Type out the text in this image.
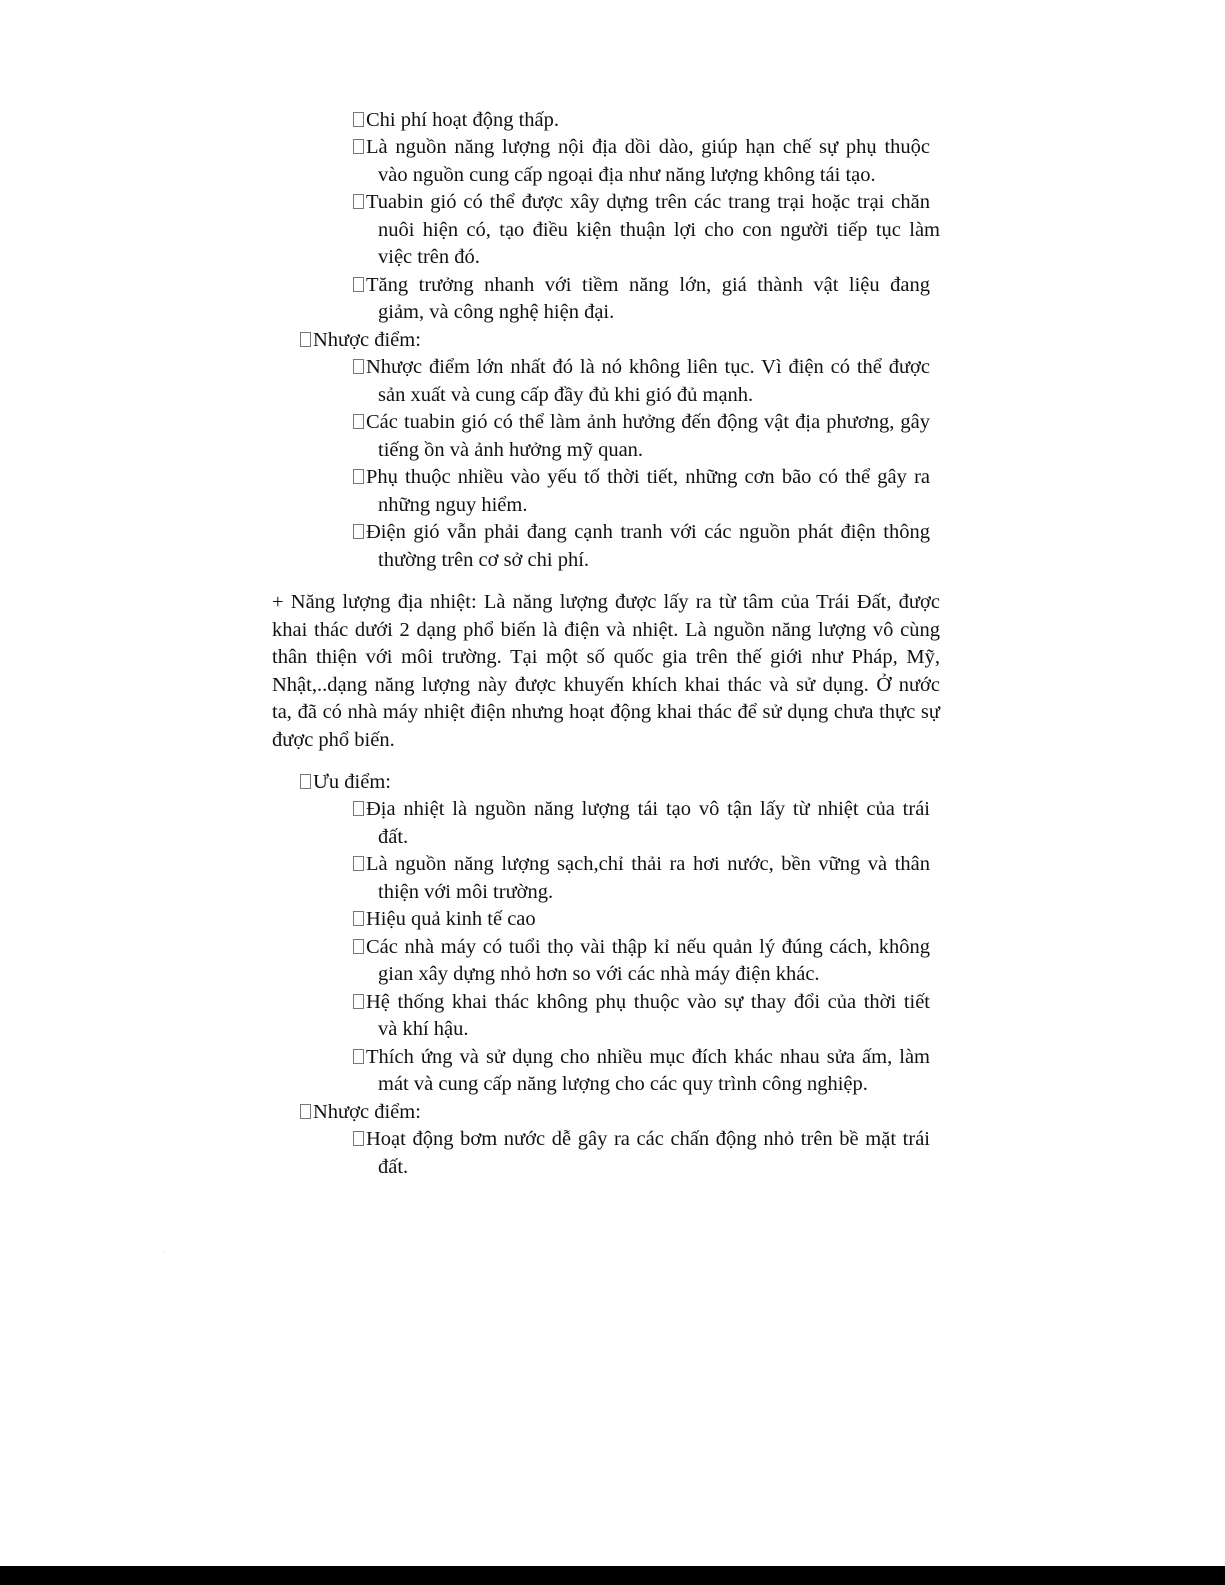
Chi phí hoạt động thấp.
Là nguồn năng lượng nội địa dồi dào, giúp hạn chế sự phụ thuộc
vào nguồn cung cấp ngoại địa như năng lượng không tái tạo.
Tuabin gió có thể được xây dựng trên các trang trại hoặc trại chăn
nuôi hiện có, tạo điều kiện thuận lợi cho con người tiếp tục làm
việc trên đó.
Tăng trưởng nhanh với tiềm năng lớn, giá thành vật liệu đang
giảm, và công nghệ hiện đại.
Nhược điểm:
Nhược điểm lớn nhất đó là nó không liên tục. Vì điện có thể được
sản xuất và cung cấp đầy đủ khi gió đủ mạnh.
Các tuabin gió có thể làm ảnh hưởng đến động vật địa phương, gây
tiếng ồn và ảnh hưởng mỹ quan.
Phụ thuộc nhiều vào yếu tố thời tiết, những cơn bão có thể gây ra
những nguy hiểm.
Điện gió vẫn phải đang cạnh tranh với các nguồn phát điện thông
thường trên cơ sở chi phí.
+ Năng lượng địa nhiệt: Là năng lượng được lấy ra từ tâm của Trái Đất, được
khai thác dưới 2 dạng phổ biến là điện và nhiệt. Là nguồn năng lượng vô cùng
thân thiện với môi trường. Tại một số quốc gia trên thế giới như Pháp, Mỹ,
Nhật,..dạng năng lượng này được khuyến khích khai thác và sử dụng. Ở nước
ta, đã có nhà máy nhiệt điện nhưng hoạt động khai thác để sử dụng chưa thực sự
được phổ biến.
Ưu điểm:
Địa nhiệt là nguồn năng lượng tái tạo vô tận lấy từ nhiệt của trái
đất.
Là nguồn năng lượng sạch,chỉ thải ra hơi nước, bền vững và thân
thiện với môi trường.
Hiệu quả kinh tế cao
Các nhà máy có tuổi thọ vài thập kỉ nếu quản lý đúng cách, không
gian xây dựng nhỏ hơn so với các nhà máy điện khác.
Hệ thống khai thác không phụ thuộc vào sự thay đổi của thời tiết
và khí hậu.
Thích ứng và sử dụng cho nhiều mục đích khác nhau sửa ấm, làm
mát và cung cấp năng lượng cho các quy trình công nghiệp.
Nhược điểm:
Hoạt động bơm nước dễ gây ra các chấn động nhỏ trên bề mặt trái
đất.
